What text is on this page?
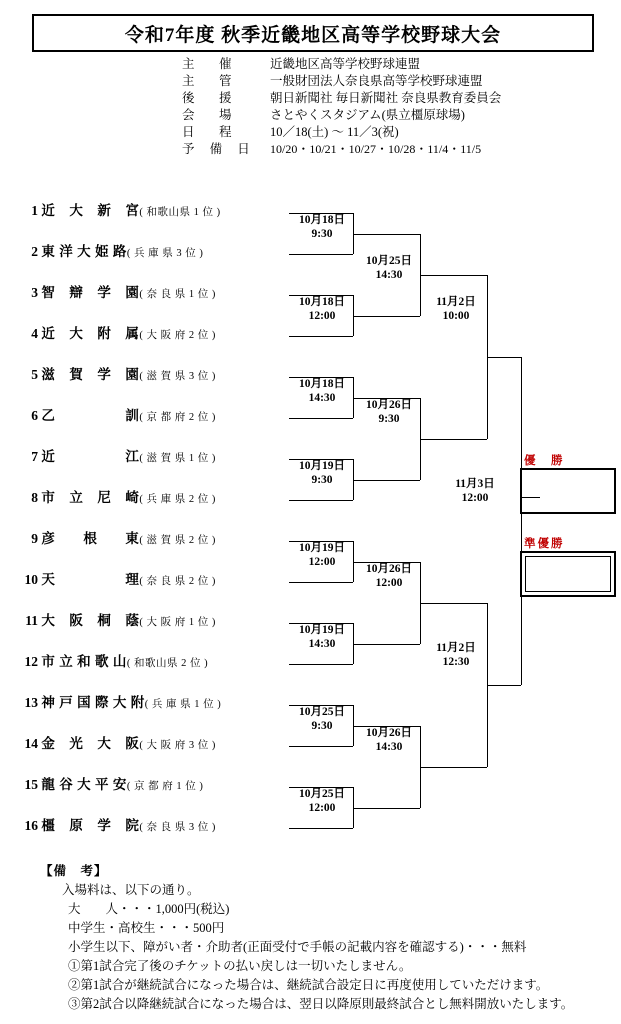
令和7年度 秋季近畿地区高等学校野球大会
主　催	近畿地区高等学校野球連盟
主　管	一般財団法人奈良県高等学校野球連盟
後　援	朝日新聞社 毎日新聞社 奈良県教育委員会
会　場	さとやくスタジアム(県立橿原球場)
日　程	10／18(土) ～ 11／3(祝)
予 備 日	10/20・10/21・10/27・10/28・11/4・11/5
1 近　大　新　宮( 和歌山県 1 位 )
2 東 洋 大 姫 路( 兵 庫 県 3 位 )
3 智　辯　学　園( 奈 良 県 1 位 )
4 近　大　附　属( 大 阪 府 2 位 )
5 滋　賀　学　園( 滋 賀 県 3 位 )
6 乙　　　　　訓( 京 都 府 2 位 )
7 近　　　　　江( 滋 賀 県 1 位 )
8 市　立　尼　崎( 兵 庫 県 2 位 )
9 彦　　根　　東( 滋 賀 県 2 位 )
10 天　　　　　理( 奈 良 県 2 位 )
11 大　阪　桐　蔭( 大 阪 府 1 位 )
12 市 立 和 歌 山( 和歌山県 2 位 )
13 神 戸 国 際 大 附( 兵 庫 県 1 位 )
14 金　光　大　阪( 大 阪 府 3 位 )
15 龍 谷 大 平 安( 京 都 府 1 位 )
16 橿　原　学　院( 奈 良 県 3 位 )
10月18日
9:30
10月18日
12:00
10月18日
14:30
10月19日
9:30
10月19日
12:00
10月19日
14:30
10月25日
9:30
10月25日
12:00
10月25日
14:30
10月26日
9:30
10月26日
12:00
10月26日
14:30
11月2日
10:00
11月2日
12:30
11月3日
12:00
優　勝
準優勝
【備　考】
入場料は、以下の通り。
大　　人・・・1,000円(税込)
中学生・高校生・・・500円
小学生以下、障がい者・介助者(正面受付で手帳の記載内容を確認する)・・・無料
①第1試合完了後のチケットの払い戻しは一切いたしません。
②第1試合が継続試合になった場合は、継続試合設定日に再度使用していただけます。
③第2試合以降継続試合になった場合は、翌日以降原則最終試合とし無料開放いたします。
